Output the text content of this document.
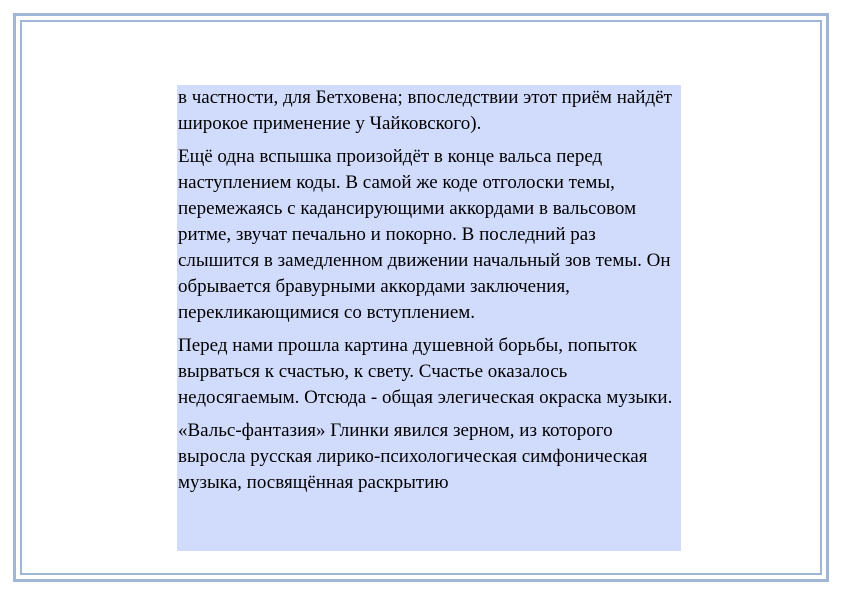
в частности, для Бетховена; впоследствии этот приём найдёт широкое применение у Чайковского).

Ещё одна вспышка произойдёт в конце вальса перед наступлением коды. В самой же коде отголоски темы, перемежаясь с кадансирующими аккордами в вальсовом ритме, звучат печально и покорно. В последний раз слышится в замедленном движении начальный зов темы. Он обрывается бравурными аккордами заключения, перекликающимися со вступлением.

Перед нами прошла картина душевной борьбы, попыток вырваться к счастью, к свету. Счастье оказалось недосягаемым. Отсюда - общая элегическая окраска музыки.

«Вальс-фантазия» Глинки явился зерном, из которого выросла русская лирико-психологическая симфоническая музыка, посвящённая раскрытию
